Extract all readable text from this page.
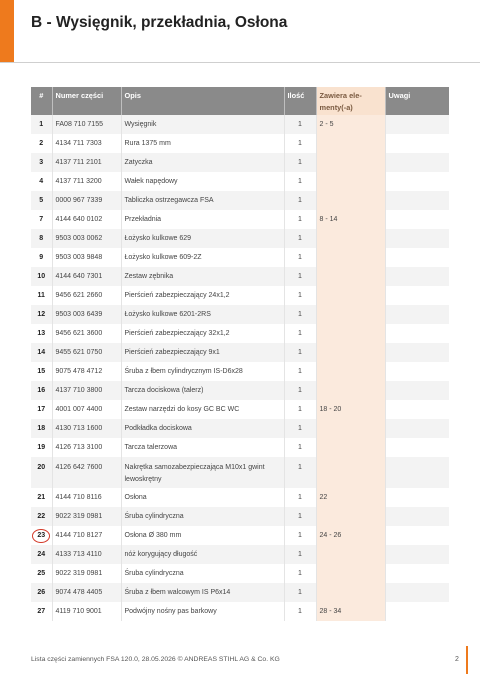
B - Wysięgnik, przekładnia, Osłona
#	Numer części	Opis	Ilość	Zawiera ele-
menty(-a)	Uwagi
1	FA08 710 7155	Wysięgnik	1	2 - 5	
2	4134 711 7303	Rura 1375 mm	1		
3	4137 711 2101	Zatyczka	1		
4	4137 711 3200	Wałek napędowy	1		
5	0000 967 7339	Tabliczka ostrzegawcza FSA	1		
7	4144 640 0102	Przekładnia	1	8 - 14	
8	9503 003 0062	Łożysko kulkowe 629	1		
9	9503 003 9848	Łożysko kulkowe 609-2Z	1		
10	4144 640 7301	Zestaw zębnika	1		
11	9456 621 2660	Pierścień zabezpieczający 24x1,2	1		
12	9503 003 6439	Łożysko kulkowe 6201-2RS	1		
13	9456 621 3600	Pierścień zabezpieczający 32x1,2	1		
14	9455 621 0750	Pierścień zabezpieczający 9x1	1		
15	9075 478 4712	Śruba z łbem cylindrycznym IS-D6x28	1		
16	4137 710 3800	Tarcza dociskowa (talerz)	1		
17	4001 007 4400	Zestaw narzędzi do kosy GC BC WC	1	18 - 20	
18	4130 713 1600	Podkładka dociskowa	1		
19	4126 713 3100	Tarcza talerzowa	1		
20	4126 642 7600	Nakrętka samozabezpieczająca M10x1 gwint lewoskrętny	1		
21	4144 710 8116	Osłona	1	22	
22	9022 319 0981	Śruba cylindryczna	1		
23	4144 710 8127	Osłona Ø 380 mm	1	24 - 26	
24	4133 713 4110	nóż korygujący długość	1		
25	9022 319 0981	Śruba cylindryczna	1		
26	9074 478 4405	Śruba z łbem walcowym IS P6x14	1		
27	4119 710 9001	Podwójny nośny pas barkowy	1	28 - 34	
Lista części zamiennych FSA 120.0, 28.05.2026 © ANDREAS STIHL AG & Co. KG	2
